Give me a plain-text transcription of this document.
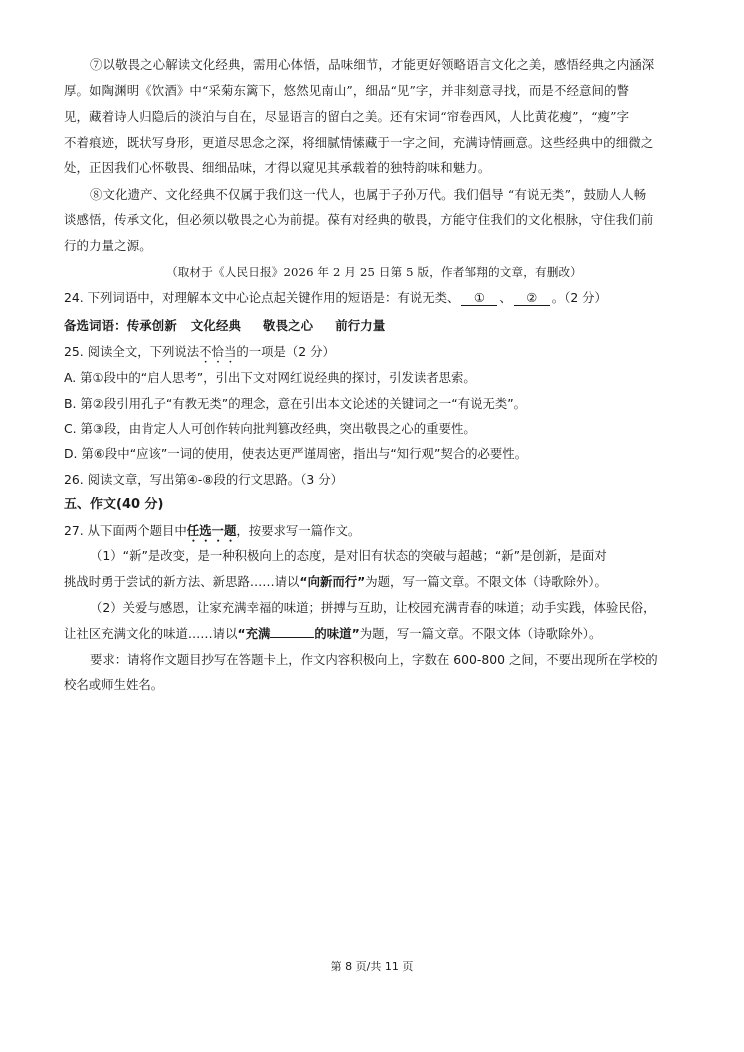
⑦以敬畏之心解读文化经典，需用心体悟，品味细节，才能更好领略语言文化之美，感悟经典之内涵深
厚。如陶渊明《饮酒》中“采菊东篱下，悠然见南山”，细品“见”字，并非刻意寻找，而是不经意间的瞥
见，藏着诗人归隐后的淡泊与自在，尽显语言的留白之美。还有宋词“帘卷西风，人比黄花瘦”，“瘦”字
不着痕迹，既状写身形，更道尽思念之深，将细腻情愫藏于一字之间，充满诗情画意。这些经典中的细微之
处，正因我们心怀敬畏、细细品味，才得以窥见其承载着的独特韵味和魅力。
⑧文化遗产、文化经典不仅属于我们这一代人，也属于子孙万代。我们倡导 “有说无类”，鼓励人人畅
谈感悟，传承文化，但必须以敬畏之心为前提。葆有对经典的敬畏，方能守住我们的文化根脉，守住我们前
行的力量之源。
（取材于《人民日报》2026 年 2 月 25 日第 5 版，作者邹翔的文章，有删改）
24. 下列词语中，对理解本文中心论点起关键作用的短语是：有说无类、 ① 、 ② 。（2 分）
备选词语：传承创新 文化经典 敬畏之心 前行力量
25. 阅读全文，下列说法不恰当的一项是（2 分）
A. 第①段中的“启人思考”，引出下文对网红说经典的探讨，引发读者思索。
B. 第②段引用孔子“有教无类”的理念，意在引出本文论述的关键词之一“有说无类”。
C. 第③段，由肯定人人可创作转向批判篡改经典，突出敬畏之心的重要性。
D. 第⑥段中“应该”一词的使用，使表达更严谨周密，指出与“知行观”契合的必要性。
26. 阅读文章，写出第④-⑧段的行文思路。（3 分）
五、作文(40 分)
27. 从下面两个题目中任选一题，按要求写一篇作文。
（1）“新”是改变，是一种积极向上的态度，是对旧有状态的突破与超越；“新”是创新，是面对
挑战时勇于尝试的新方法、新思路……请以“向新而行”为题，写一篇文章。不限文体（诗歌除外）。
（2）关爱与感恩，让家充满幸福的味道；拼搏与互助，让校园充满青春的味道；动手实践，体验民俗，
让社区充满文化的味道……请以“充满	的味道”为题，写一篇文章。不限文体（诗歌除外）。
要求：请将作文题目抄写在答题卡上，作文内容积极向上，字数在 600-800 之间，不要出现所在学校的
校名或师生姓名。
第 8 页/共 11 页
